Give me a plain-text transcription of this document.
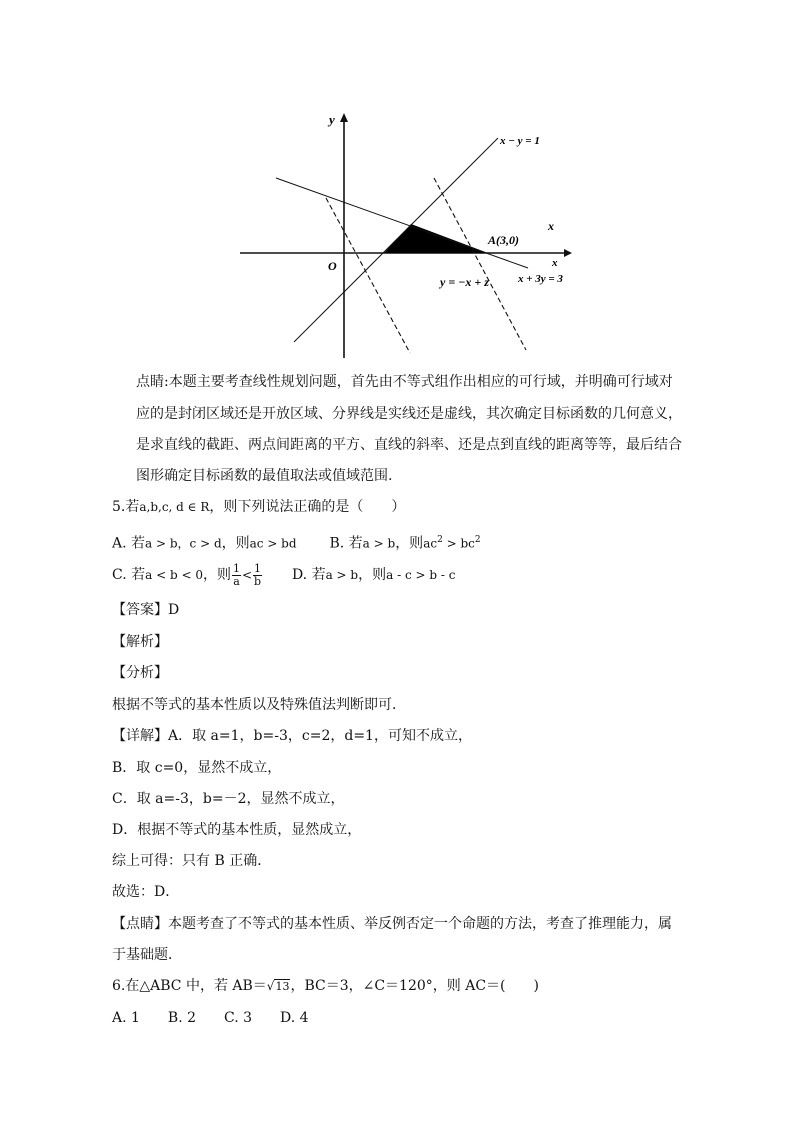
y
x
x
O
x − y = 1
A(3,0)
x + 3y = 3
y = −x + z
点睛:本题主要考查线性规划问题，首先由不等式组作出相应的可行域，并明确可行域对
应的是封闭区域还是开放区域、分界线是实线还是虚线，其次确定目标函数的几何意义，
是求直线的截距、两点间距离的平方、直线的斜率、还是点到直线的距离等等，最后结合
图形确定目标函数的最值取法或值域范围.
5.若a,b,c, d ∈ R，则下列说法正确的是（　　）
A. 若a > b，c > d，则ac > bd B. 若a > b，则$ac^2 > bc^2$
C. 若a < b < 0，则 $\frac{1}{a} < \frac{1}{b} D$. 若a > b，则a - c > b - c
【答案】D
【解析】
【分析】
根据不等式的基本性质以及特殊值法判断即可．
【详解】A．取 a=1，b=-3，c=2，d=1，可知不成立，
B．取 c=0，显然不成立，
C．取 a=-3，b=－2，显然不成立，
D．根据不等式的基本性质，显然成立，
综上可得：只有 B 正确．
故选：D．
【点睛】本题考查了不等式的基本性质、举反例否定一个命题的方法，考查了推理能力，属
于基础题．
6.在△ABC 中，若 AB＝√13，BC＝3，∠C＝120°，则 AC＝(　　)
A. 1　　B. 2　　C. 3　　D. 4
